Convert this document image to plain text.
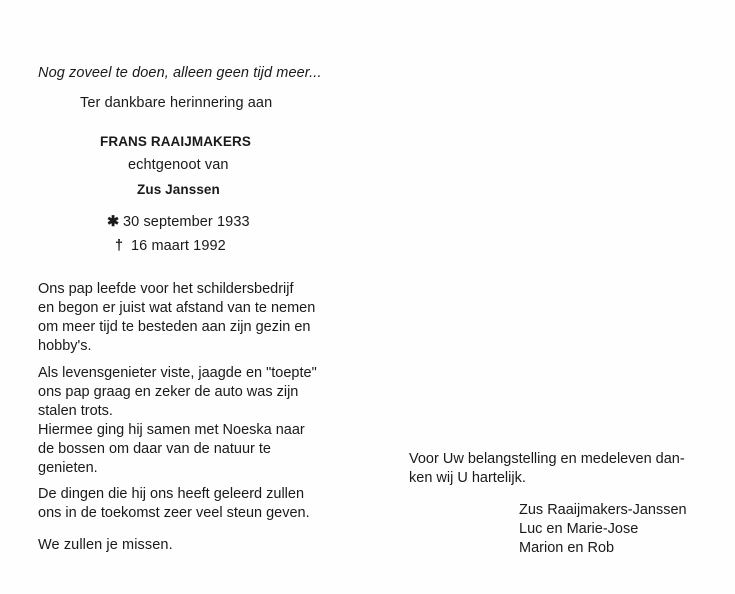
Nog zoveel te doen, alleen geen tijd meer...
Ter dankbare herinnering aan
FRANS RAAIJMAKERS
echtgenoot van
Zus Janssen
✱ 30 september 1933
† 16 maart 1992
Ons pap leefde voor het schildersbedrijf
en begon er juist wat afstand van te nemen
om meer tijd te besteden aan zijn gezin en
hobby's.
Als levensgenieter viste, jaagde en "toepte"
ons pap graag en zeker de auto was zijn
stalen trots.
Hiermee ging hij samen met Noeska naar
de bossen om daar van de natuur te
genieten.
De dingen die hij ons heeft geleerd zullen
ons in de toekomst zeer veel steun geven.
We zullen je missen.
Voor Uw belangstelling en medeleven dan-
ken wij U hartelijk.
Zus Raaijmakers-Janssen
Luc en Marie-Jose
Marion en Rob
